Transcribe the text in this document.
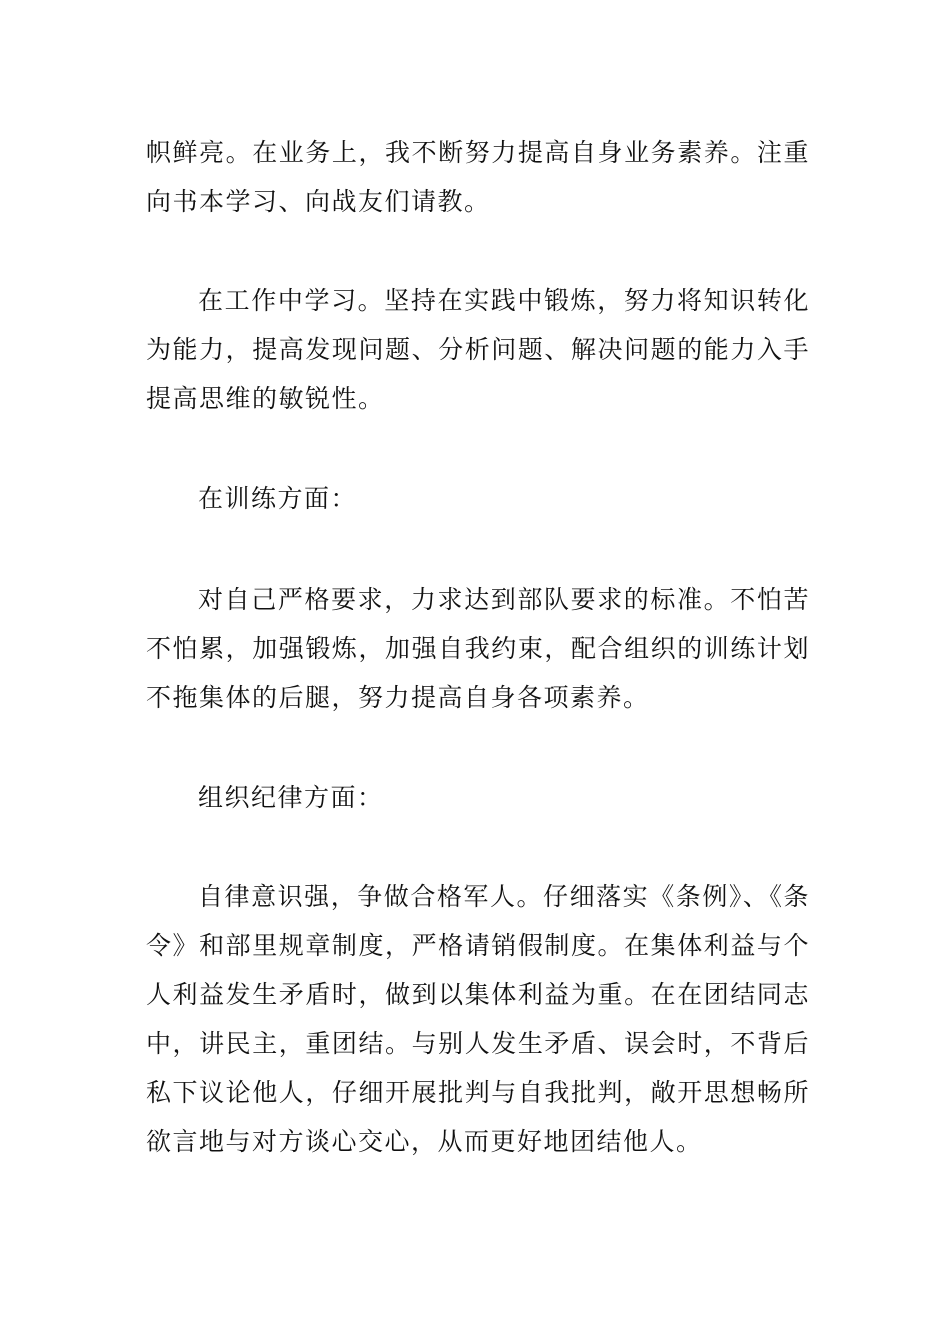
帜鲜亮。在业务上，我不断努力提高自身业务素养。注重向书本学习、向战友们请教。

在工作中学习。坚持在实践中锻炼，努力将知识转化为能力，提高发现问题、分析问题、解决问题的能力入手提高思维的敏锐性。

在训练方面：

对自己严格要求，力求达到部队要求的标准。不怕苦不怕累，加强锻炼，加强自我约束，配合组织的训练计划不拖集体的后腿，努力提高自身各项素养。

组织纪律方面：

自律意识强，争做合格军人。仔细落实《条例》、《条令》和部里规章制度，严格请销假制度。在集体利益与个人利益发生矛盾时，做到以集体利益为重。在在团结同志中，讲民主，重团结。与别人发生矛盾、误会时，不背后私下议论他人，仔细开展批判与自我批判，敞开思想畅所欲言地与对方谈心交心，从而更好地团结他人。
